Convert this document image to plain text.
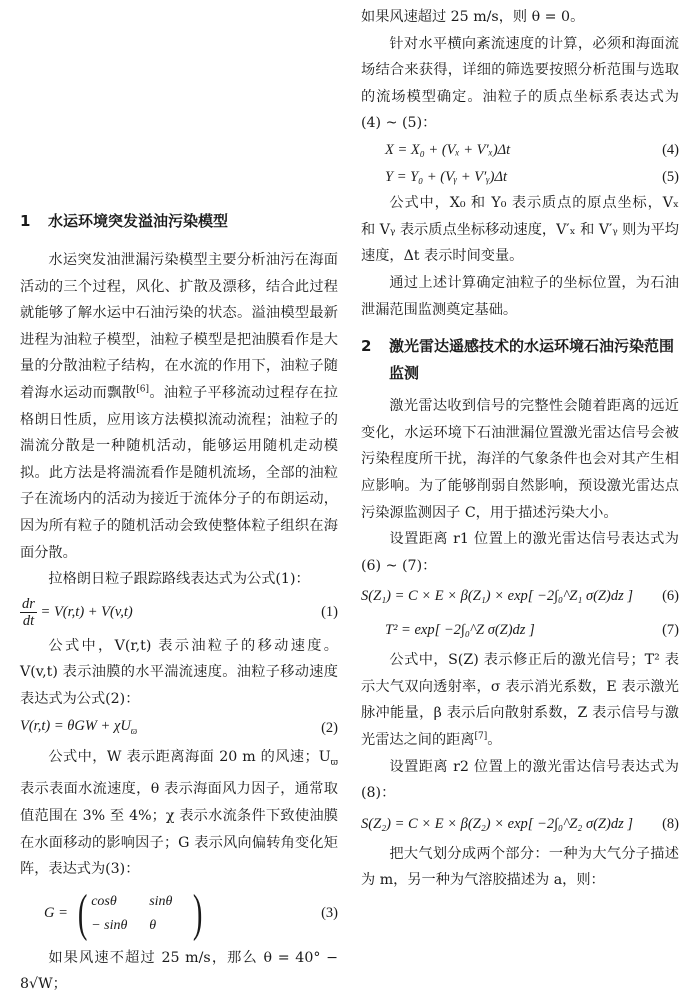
1	水运环境突发溢油污染模型

水运突发油泄漏污染模型主要分析油污在海面活动的三个过程，风化、扩散及漂移，结合此过程就能够了解水运中石油污染的状态。溢油模型最新进程为油粒子模型，油粒子模型是把油膜看作是大量的分散油粒子结构，在水流的作用下，油粒子随着海水运动而飘散[6]。油粒子平移流动过程存在拉格朗日性质，应用该方法模拟流动流程；油粒子的湍流分散是一种随机活动，能够运用随机走动模拟。此方法是将湍流看作是随机流场，全部的油粒子在流场内的活动为接近于流体分子的布朗运动，因为所有粒子的随机活动会致使整体粒子组织在海面分散。

拉格朗日粒子跟踪路线表达式为公式(1)：

$\frac{dr}{dt} = V(r,t) + V(v,t)$	(1)

公式中，V(r,t) 表示油粒子的移动速度。V(v,t) 表示油膜的水平湍流速度。油粒子移动速度表达式为公式(2)：

$V(r,t) = \theta GW + \chi U_ϖ$	(2)

公式中，W 表示距离海面 20 m 的风速；$U_ϖ$ 表示表面水流速度，θ 表示海面风力因子，通常取值范围在 3% 至 4%；χ 表示水流条件下致使油膜在水面移动的影响因子；G 表示风向偏转角变化矩阵，表达式为(3)：

G = ( cosθ	sinθ
− sinθ	θ )	(3)

如果风速不超过 25 m/s，那么 θ = 40° − 8√W；

如果风速超过 25 m/s，则 θ = 0。

针对水平横向紊流速度的计算，必须和海面流场结合来获得，详细的筛选要按照分析范围与选取的流场模型确定。油粒子的质点坐标系表达式为(4) ~ (5)：

X = X₀ + (Vₓ + V′ₓ)Δt	(4)
Y = Y₀ + (Vᵧ + V′ᵧ)Δt	(5)

公式中，X₀ 和 Y₀ 表示质点的原点坐标，Vₓ 和 Vᵧ 表示质点坐标移动速度，V′ₓ 和 V′ᵧ 则为平均速度，Δt 表示时间变量。

通过上述计算确定油粒子的坐标位置，为石油泄漏范围监测奠定基础。

2	激光雷达遥感技术的水运环境石油污染范围监测

激光雷达收到信号的完整性会随着距离的远近变化，水运环境下石油泄漏位置激光雷达信号会被污染程度所干扰，海洋的气象条件也会对其产生相应影响。为了能够削弱自然影响，预设激光雷达点污染源监测因子 C，用于描述污染大小。

设置距离 r1 位置上的激光雷达信号表达式为(6) ~ (7)：

S(Z₁) = C × E × β(Z₁) × exp[ −2∫₀^Z₁ σ(Z)dz ] (6)
T² = exp[ −2∫₀^Z σ(Z)dz ]	(7)

公式中，S(Z) 表示修正后的激光信号；T² 表示大气双向透射率，σ 表示消光系数，E 表示激光脉冲能量，β 表示后向散射系数，Z 表示信号与激光雷达之间的距离[7]。

设置距离 r2 位置上的激光雷达信号表达式为(8)：

S(Z₂) = C × E × β(Z₂) × exp[ −2∫₀^Z₂ σ(Z)dz ] (8)

把大气划分成两个部分：一种为大气分子描述为 m，另一种为气溶胶描述为 a，则：
